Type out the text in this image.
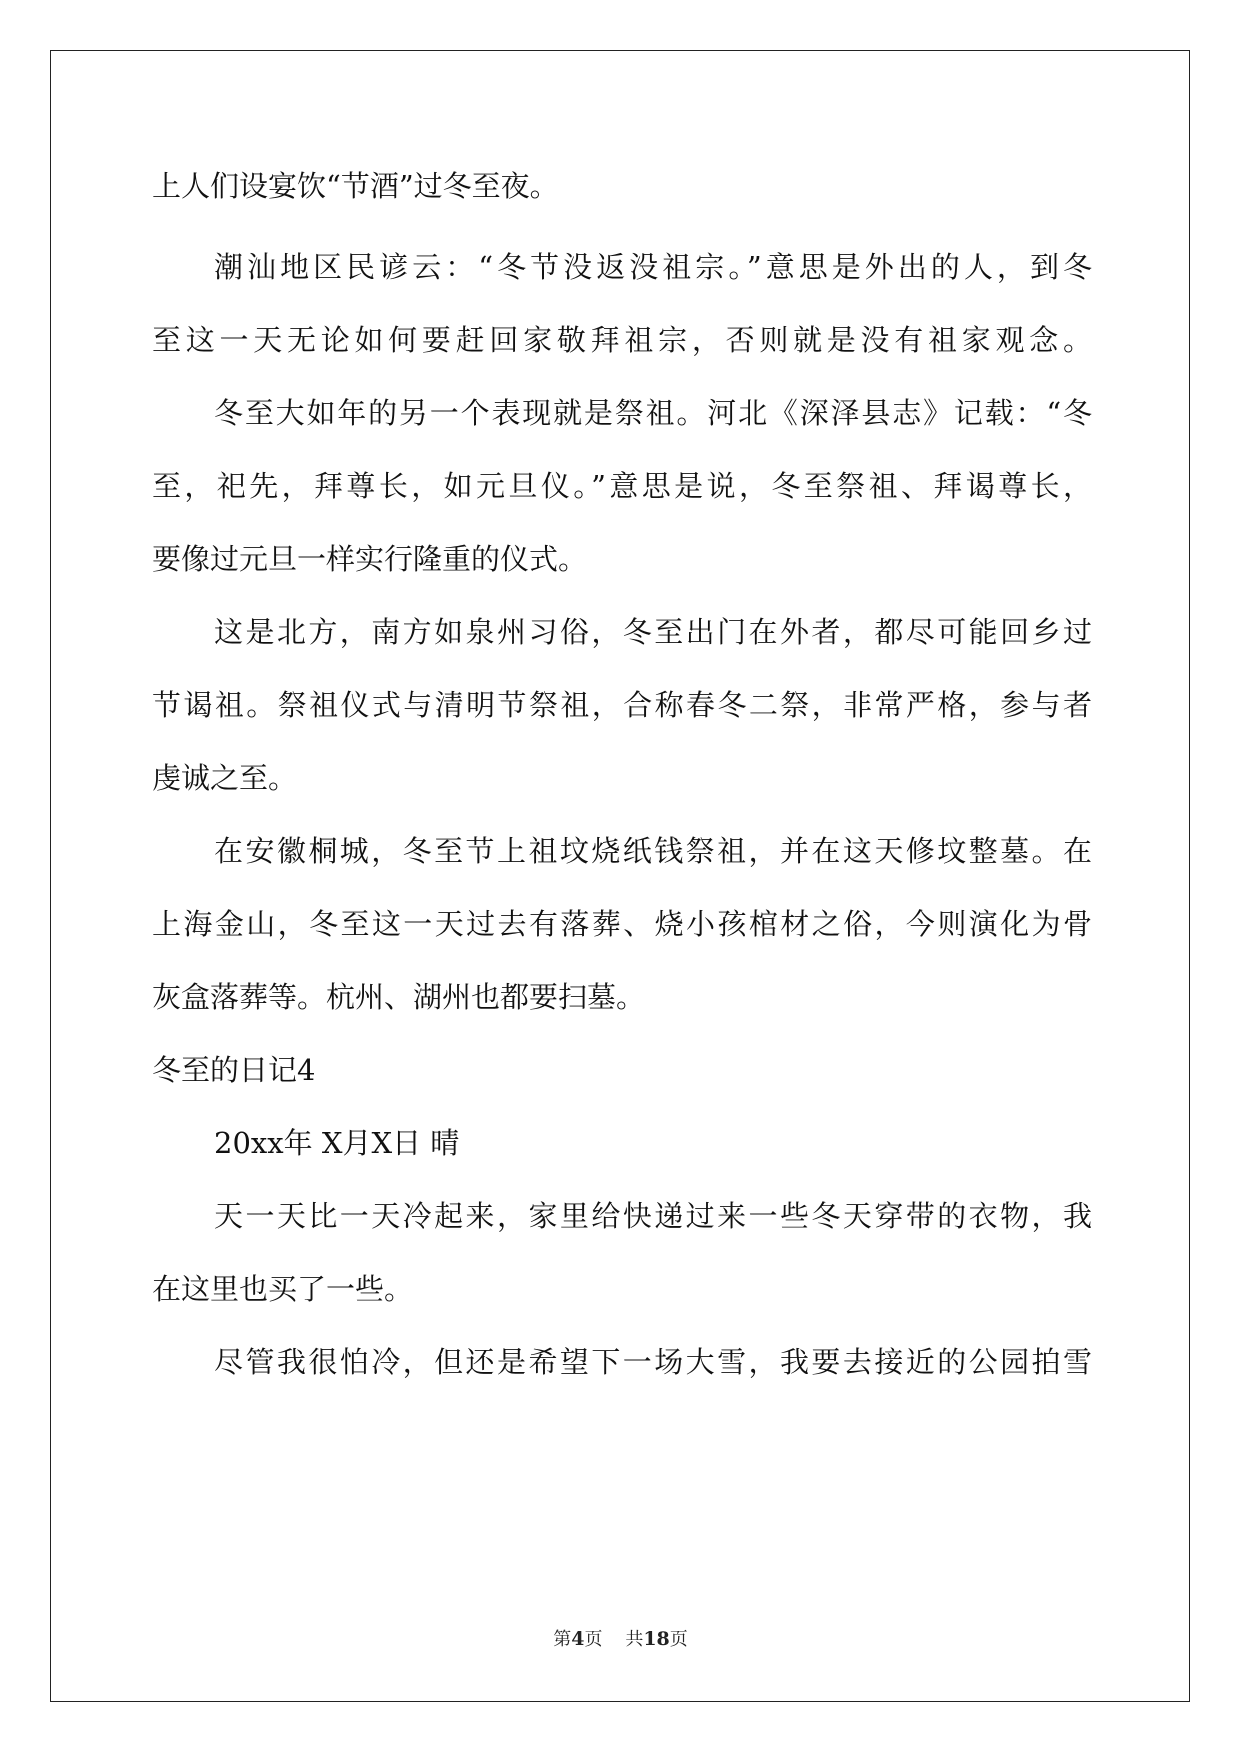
上人们设宴饮“节酒”过冬至夜。
潮汕地区民谚云：“冬节没返没祖宗。”意思是外出的人，到冬
至这一天无论如何要赶回家敬拜祖宗，否则就是没有祖家观念。
冬至大如年的另一个表现就是祭祖。河北《深泽县志》记载：“冬
至，祀先，拜尊长，如元旦仪。”意思是说，冬至祭祖、拜谒尊长，
要像过元旦一样实行隆重的仪式。
这是北方，南方如泉州习俗，冬至出门在外者，都尽可能回乡过
节谒祖。祭祖仪式与清明节祭祖，合称春冬二祭，非常严格，参与者
虔诚之至。
在安徽桐城，冬至节上祖坟烧纸钱祭祖，并在这天修坟整墓。在
上海金山，冬至这一天过去有落葬、烧小孩棺材之俗，今则演化为骨
灰盒落葬等。杭州、湖州也都要扫墓。
冬至的日记4
20xx年 X月X日 晴
天一天比一天冷起来，家里给快递过来一些冬天穿带的衣物，我
在这里也买了一些。
尽管我很怕冷，但还是希望下一场大雪，我要去接近的公园拍雪
第4页 共18页
